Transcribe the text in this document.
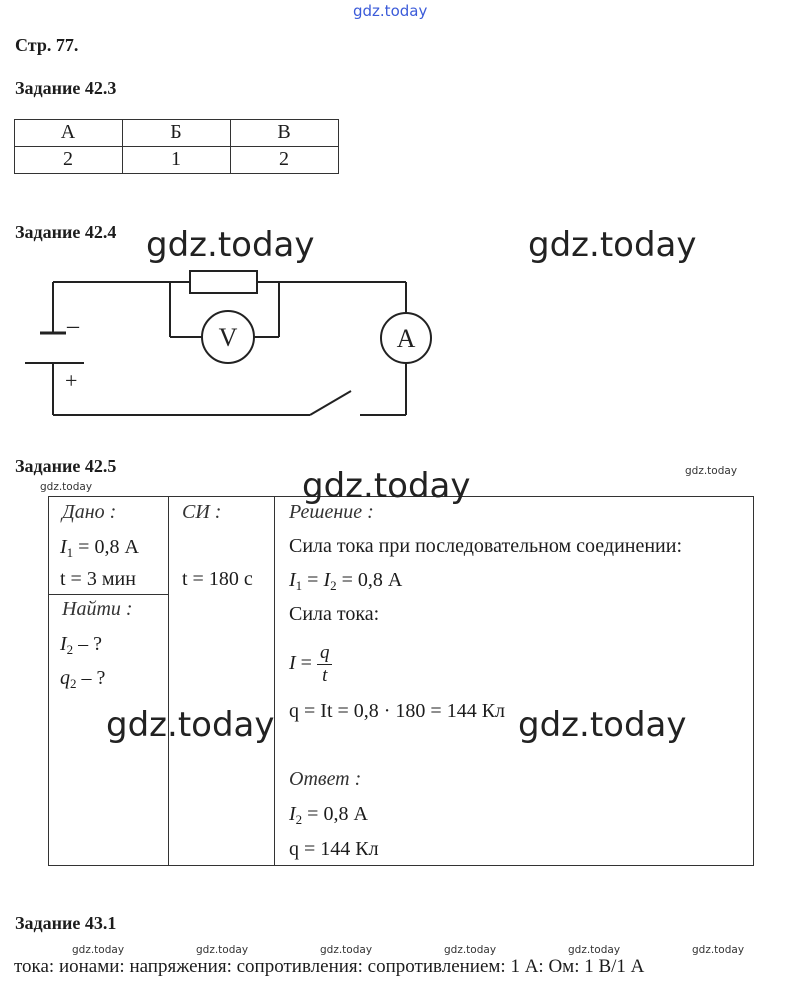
gdz.today
Стр. 77.
Задание 42.3
А	Б	В
2	1	2
Задание 42.4
–
+
V	A
gdz.today	gdz.today
Задание 42.5
gdz.today
gdz.today
Дано :
$I_1 = 0,8$ А
t = 3 мин
Найти :
$I_2$ – ?
$q_2$ – ?
СИ :
t = 180 с
Решение :
Сила тока при последовательном соединении:
$I_1 = I_2 = 0,8$ А
Сила тока:
$I = \frac{q}{t}$
q = It = 0,8 · 180 = 144 Кл
Ответ :
$I_2 = 0,8$ А
q = 144 Кл
gdz.today
gdz.today	gdz.today
Задание 43.1
gdz.today	gdz.today	gdz.today	gdz.today	gdz.today	gdz.today
тока: ионами: напряжения: сопротивления: сопротивлением: 1 А: Ом: 1 В/1 А
